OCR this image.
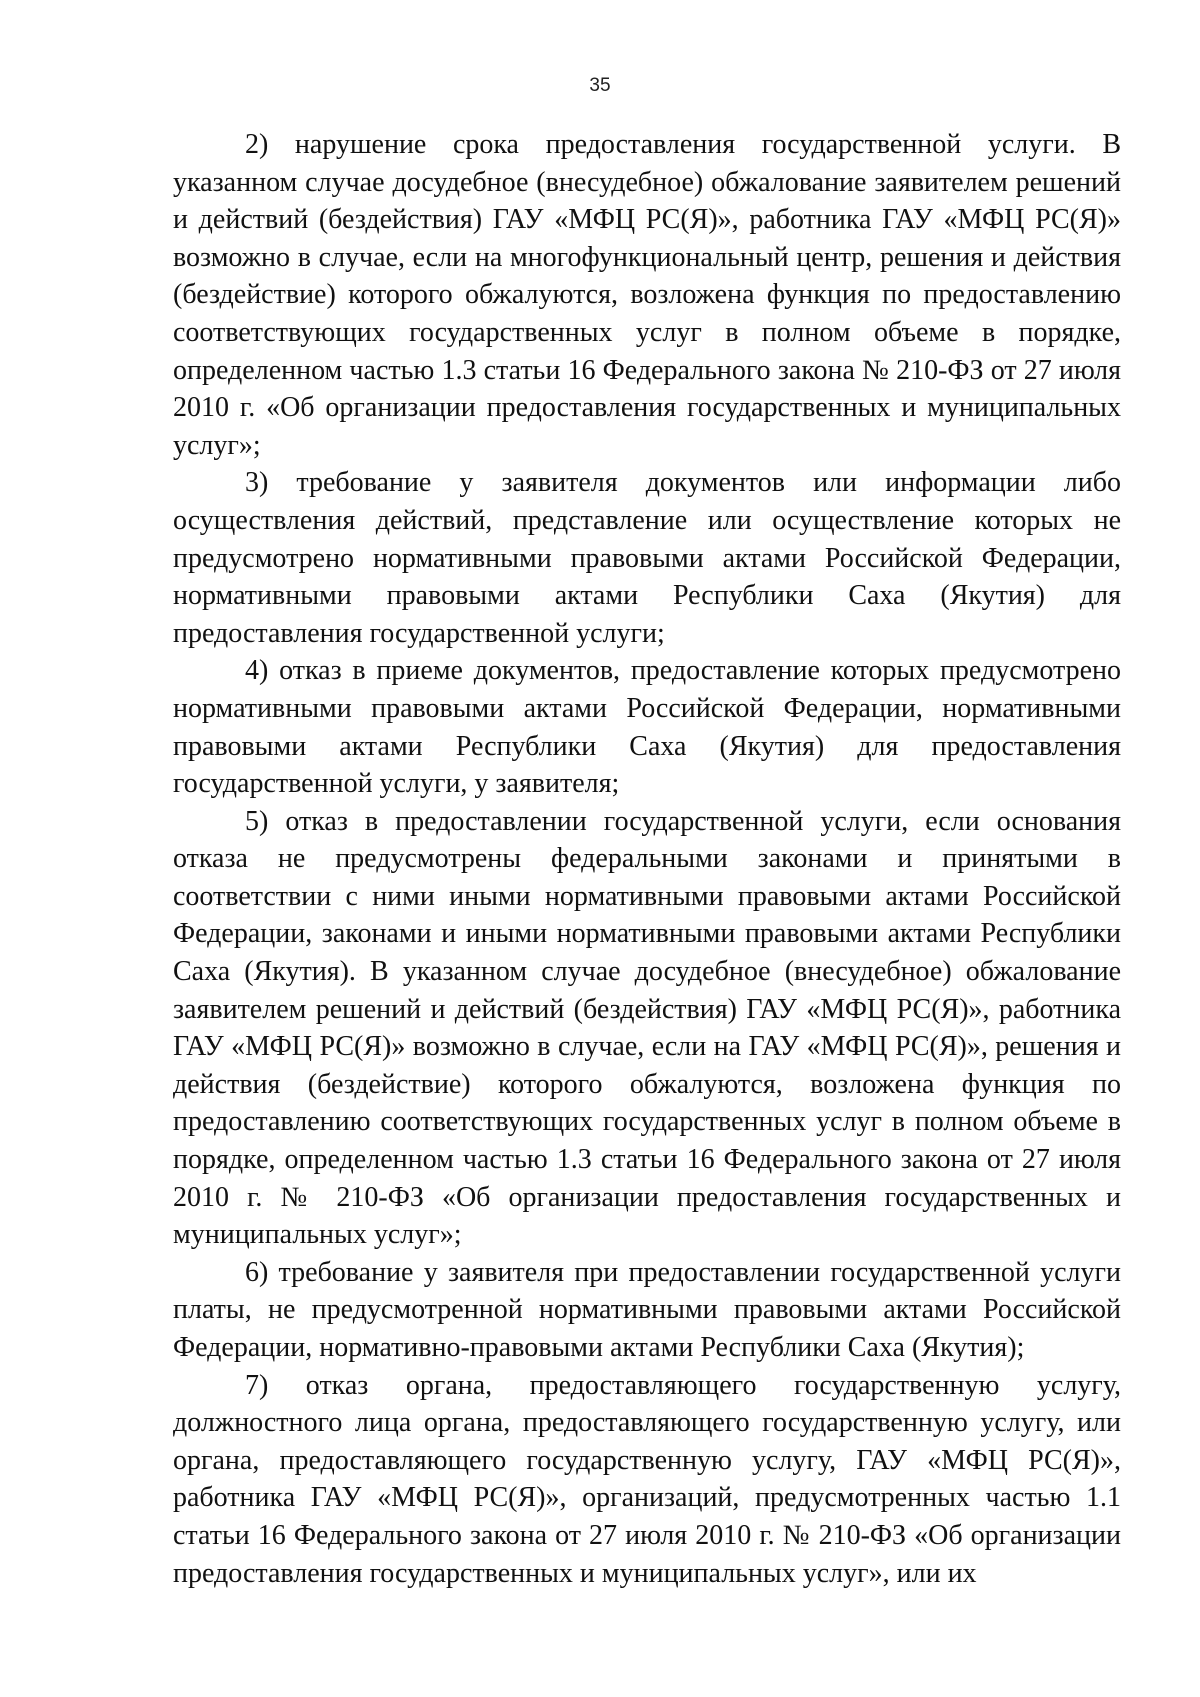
35

2) нарушение срока предоставления государственной услуги. В указанном случае досудебное (внесудебное) обжалование заявителем решений и действий (бездействия) ГАУ «МФЦ РС(Я)», работника ГАУ «МФЦ РС(Я)» возможно в случае, если на многофункциональный центр, решения и действия (бездействие) которого обжалуются, возложена функция по предоставлению соответствующих государственных услуг в полном объеме в порядке, определенном частью 1.3 статьи 16 Федерального закона № 210-ФЗ от 27 июля 2010 г. «Об организации предоставления государственных и муниципальных услуг»;

3) требование у заявителя документов или информации либо осуществления действий, представление или осуществление которых не предусмотрено нормативными правовыми актами Российской Федерации, нормативными правовыми актами Республики Саха (Якутия) для предоставления государственной услуги;

4) отказ в приеме документов, предоставление которых предусмотрено нормативными правовыми актами Российской Федерации, нормативными правовыми актами Республики Саха (Якутия) для предоставления государственной услуги, у заявителя;

5) отказ в предоставлении государственной услуги, если основания отказа не предусмотрены федеральными законами и принятыми в соответствии с ними иными нормативными правовыми актами Российской Федерации, законами и иными нормативными правовыми актами Республики Саха (Якутия). В указанном случае досудебное (внесудебное) обжалование заявителем решений и действий (бездействия) ГАУ «МФЦ РС(Я)», работника ГАУ «МФЦ РС(Я)» возможно в случае, если на ГАУ «МФЦ РС(Я)», решения и действия (бездействие) которого обжалуются, возложена функция по предоставлению соответствующих государственных услуг в полном объеме в порядке, определенном частью 1.3 статьи 16 Федерального закона от 27 июля 2010 г. № 210-ФЗ «Об организации предоставления государственных и муниципальных услуг»;

6) требование у заявителя при предоставлении государственной услуги платы, не предусмотренной нормативными правовыми актами Российской Федерации, нормативно-правовыми актами Республики Саха (Якутия);

7) отказ органа, предоставляющего государственную услугу, должностного лица органа, предоставляющего государственную услугу, или органа, предоставляющего государственную услугу, ГАУ «МФЦ РС(Я)», работника ГАУ «МФЦ РС(Я)», организаций, предусмотренных частью 1.1 статьи 16 Федерального закона от 27 июля 2010 г. № 210-ФЗ «Об организации предоставления государственных и муниципальных услуг», или их
